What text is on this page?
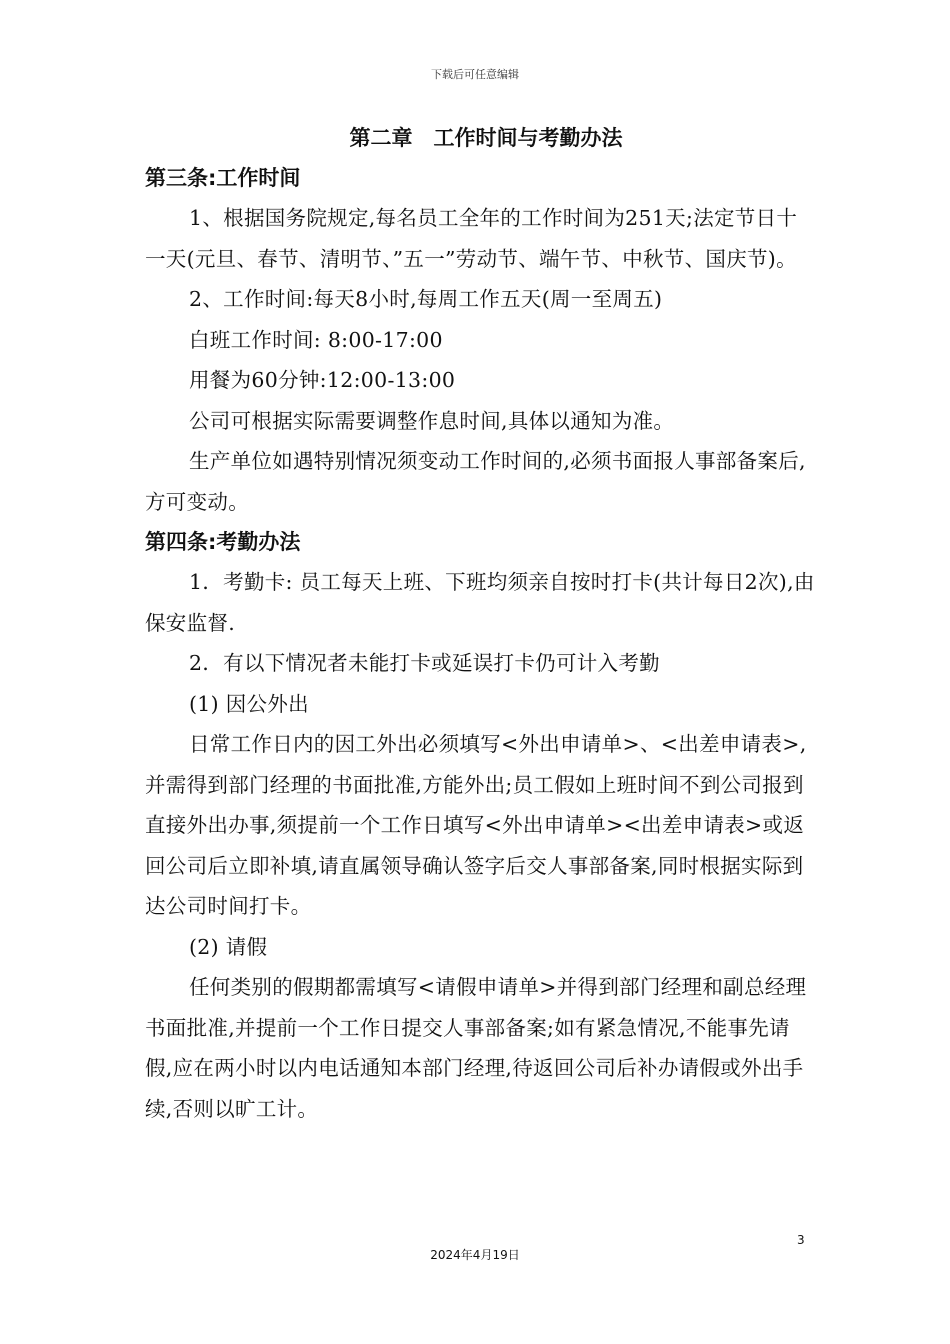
下载后可任意编辑
第二章　工作时间与考勤办法
第三条:工作时间

1、根据国务院规定,每名员工全年的工作时间为251天;法定节日十一天(元旦、春节、清明节、”五一”劳动节、端午节、中秋节、国庆节)。

2、工作时间:每天8小时,每周工作五天(周一至周五)

白班工作时间: 8:00-17:00

用餐为60分钟:12:00-13:00

公司可根据实际需要调整作息时间,具体以通知为准。

生产单位如遇特别情况须变动工作时间的,必须书面报人事部备案后,方可变动。

第四条:考勤办法

1．考勤卡: 员工每天上班、下班均须亲自按时打卡(共计每日2次),由保安监督.

2．有以下情况者未能打卡或延误打卡仍可计入考勤

(1) 因公外出

日常工作日内的因工外出必须填写<外出申请单>、<出差申请表>,并需得到部门经理的书面批准,方能外出;员工假如上班时间不到公司报到直接外出办事,须提前一个工作日填写<外出申请单><出差申请表>或返回公司后立即补填,请直属领导确认签字后交人事部备案,同时根据实际到达公司时间打卡。

(2) 请假

任何类别的假期都需填写<请假申请单>并得到部门经理和副总经理书面批准,并提前一个工作日提交人事部备案;如有紧急情况,不能事先请假,应在两小时以内电话通知本部门经理,待返回公司后补办请假或外出手续,否则以旷工计。

3
2024年4月19日
